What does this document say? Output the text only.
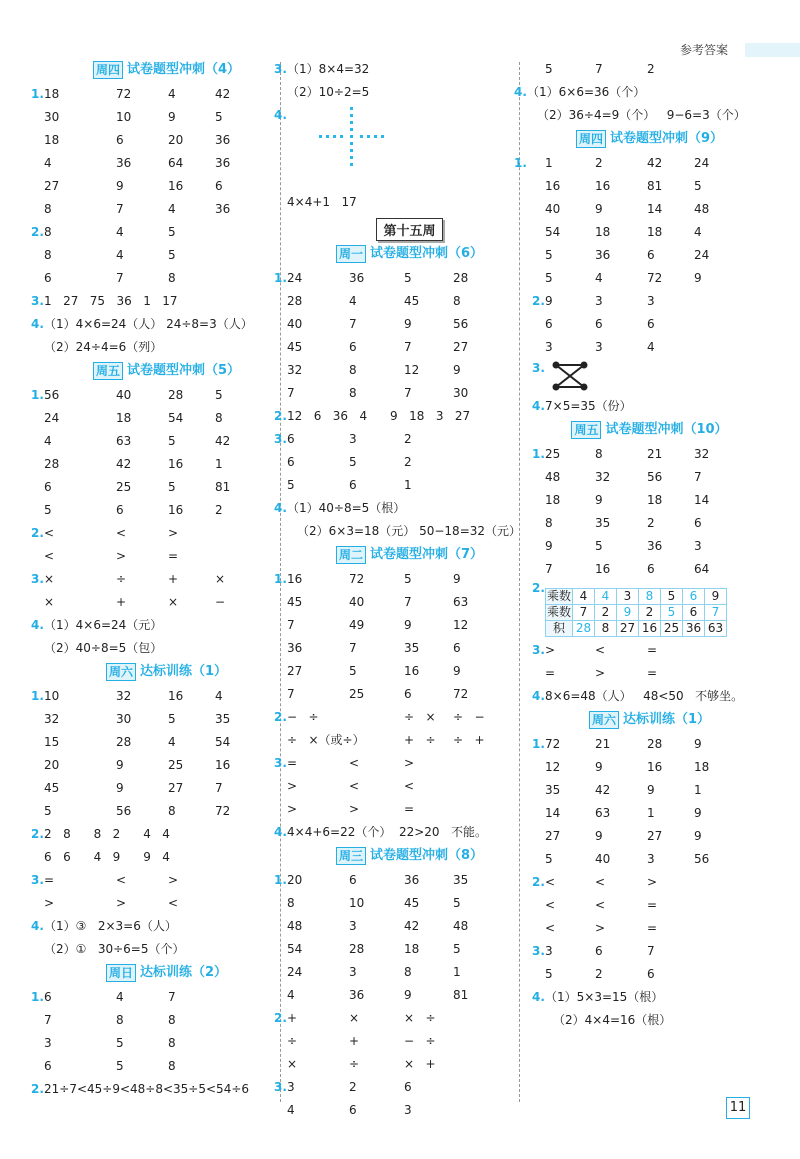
参考答案
周四 试卷题型冲刺（4）
1. 18	72	4	42
30	10	9	5
18	6	20	36
4	36	64	36
27	9	16	6
8	7	4	36
2. 8	4	5
8	4	5
6	7	8
3. 1   27   75   36   1   17
4. （1）4×6=24（人） 24÷8=3（人）
（2）24÷4=6（列）
周五 试卷题型冲刺（5）
1. 56	40	28	5
24	18	54	8
4	63	5	42
28	42	16	1
6	25	5	81
5	6	16	2
2. <	<	>
<	>	=
3. ×	÷	+	×
×	+	×	−
4. （1）4×6=24（元）
（2）40÷8=5（包）
周六 达标训练（1）
1. 10	32	16	4
32	30	5	35
15	28	4	54
20	9	25	16
45	9	27	7
5	56	8	72
2. 2   8      8   2      4   4
6   6      4   9      9   4
3. =	<	>
>	>	<
4. （1）③   2×3=6（人）
（2）①   30÷6=5（个）
周日 达标训练（2）
1. 6	4	7
7	8	8
3	5	8
6	5	8
2. 21÷7<45÷9<48÷8<35÷5<54÷6
3. （1）8×4=32
（2）10÷2=5
4.
4×4+1   17
第十五周
周一 试卷题型冲刺（6）
1. 24	36	5	28
28	4	45	8
40	7	9	56
45	6	7	27
32	8	12	9
7	8	7	30
2. 12   6   36   4      9   18   3   27
3. 6	3	2
6	5	2
5	6	1
4. （1）40÷8=5（根）
（2）6×3=18（元） 50−18=32（元）
周二 试卷题型冲刺（7）
1. 16	72	5	9
45	40	7	63
7	49	9	12
36	7	35	6
27	5	16	9
7	25	6	72
2. −   ÷	÷   × ÷   −
÷   ×（或÷）	+   ÷ ÷   +
3. =	<	>
>	<	<
>	>	=
4. 4×4+6=22（个）  22>20   不能。
周三 试卷题型冲刺（8）
1. 20	6	36	35
8	10	45	5
48	3	42	48
54	28	18	5
24	3	8	1
4	36	9	81
2. +	×	×   ÷
÷	+	−   ÷
×	÷	×   +
3. 3	2	6
4	6	3
5	7	2
4. （1）6×6=36（个）
（2）36÷4=9（个）   9−6=3（个）
周四 试卷题型冲刺（9）
1. 1	2	42	24
16	16	81	5
40	9	14	48
54	18	18	4
5	36	6	24
5	4	72	9
2. 9	3	3
6	6	6
3	3	4
3.
4. 7×5=35（份）
周五 试卷题型冲刺（10）
1. 25	8	21	32
48	32	56	7
18	9	18	14
8	35	2	6
9	5	36	3
7	16	6	64
2.
乘数	4	4	3	8	5	6	9
乘数	7	2	9	2	5	6	7
积	28	8	27	16	25	36	63
3. >	<	=
=	>	=
4. 8×6=48（人）   48<50   不够坐。
周六 达标训练（1）
1. 72	21	28	9
12	9	16	18
35	42	9	1
14	63	1	9
27	9	27	9
5	40	3	56
2. <	<	>
<	<	=
<	>	=
3. 3	6	7
5	2	6
4. （1）5×3=15（根）
（2）4×4=16（根）
11
